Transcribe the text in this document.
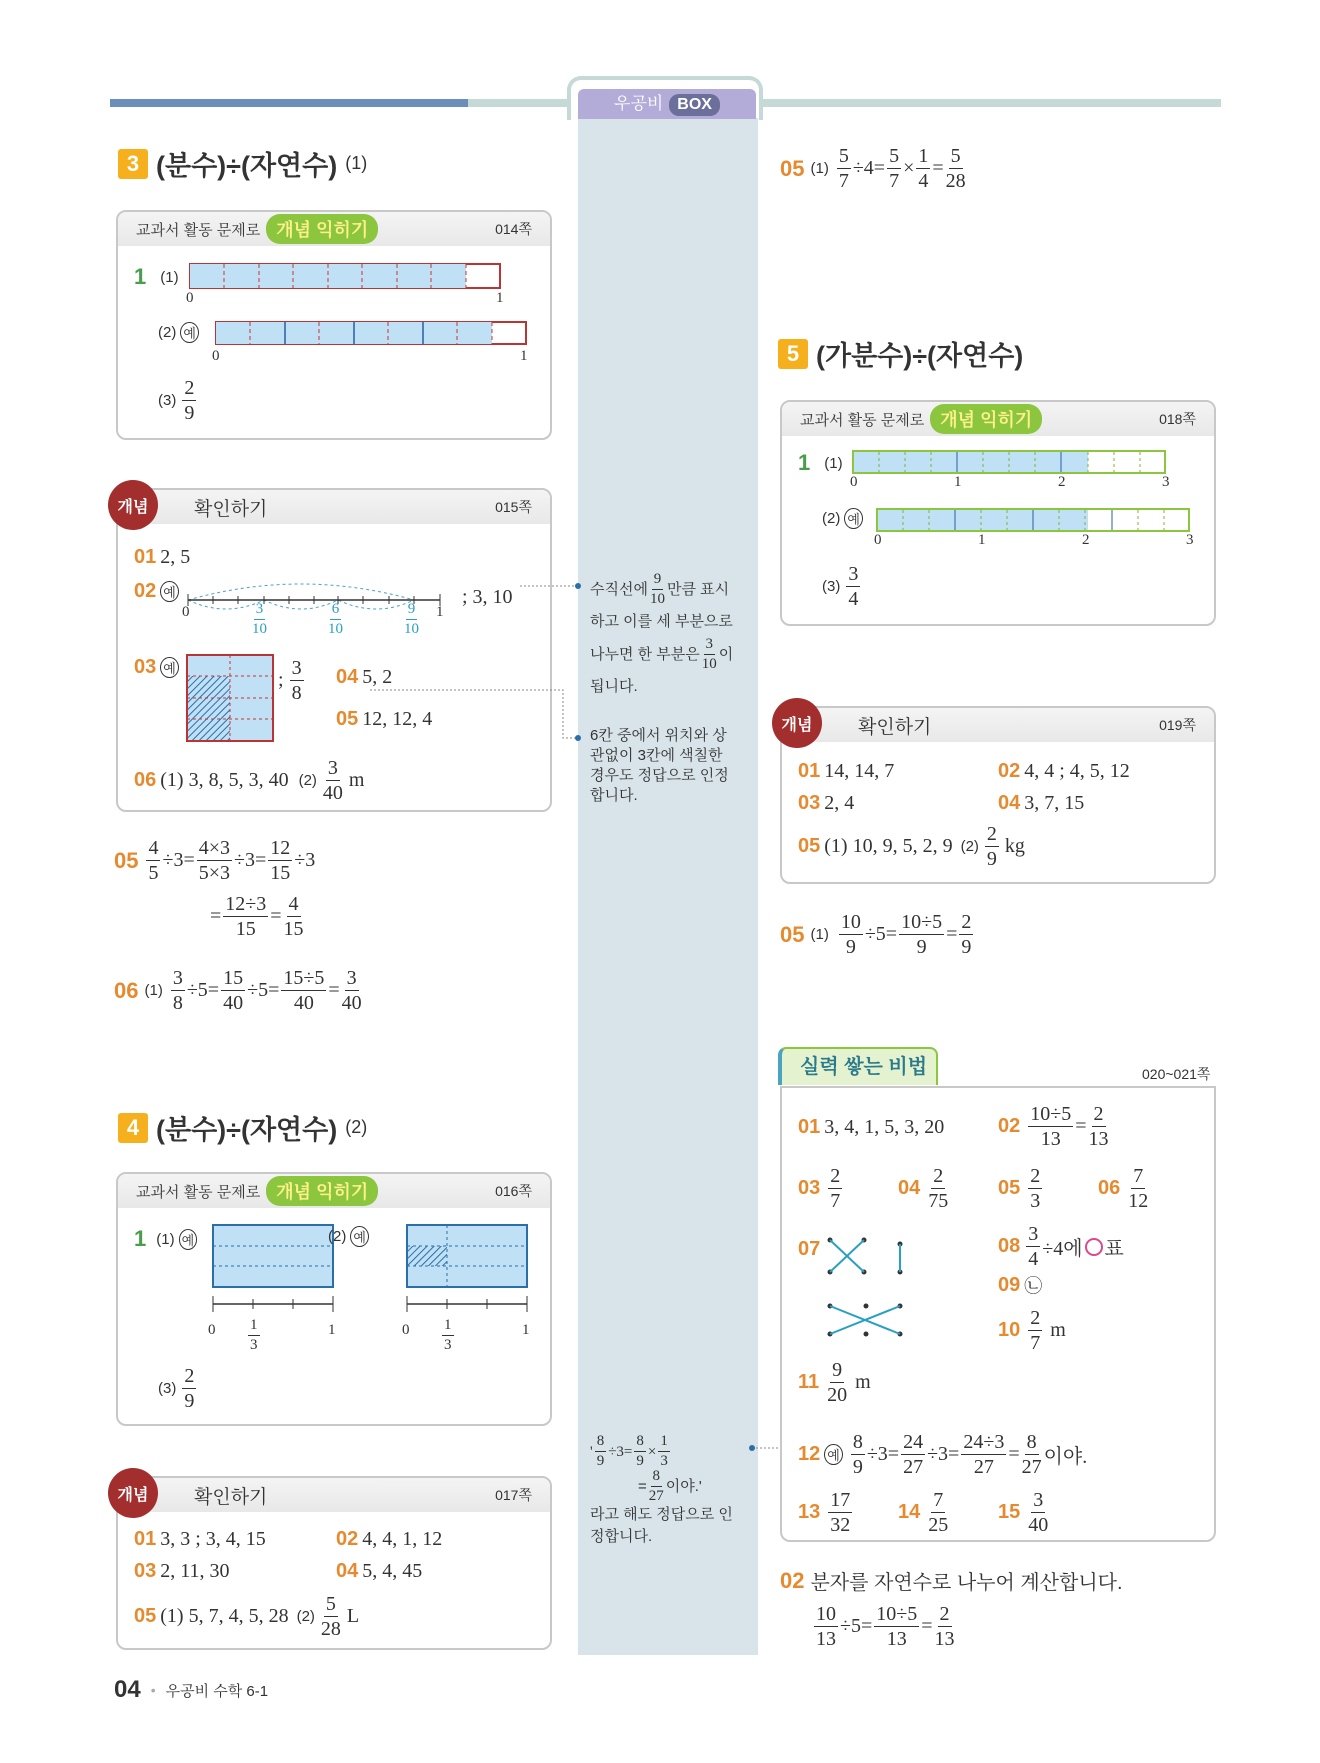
우공비 BOX
3 (분수)÷(자연수) (1)
교과서 활동 문제로 개념 익히기	014쪽
1 (1)
0	1
(2) 예
0	1
$(3) \frac{2}{9}$
확인하기	015쪽
개념
01 2, 5
02 예	; 3, 10
0	1
$\frac{3}{10}$	$\frac{6}{10}$	$\frac{9}{10}$
03 예
; $\frac{3}{8} 04$ 5, 2
05 12, 12, 4
06 (1) 3, 8, 5, 3, 40 $(2) \frac{3}{40}$ m
$05 \frac{4}{5} \div 3= \frac{4\times 3}{5\times 3} \div 3= \frac{12}{15} \div 3$
= $\frac{12\div 3}{15} = \frac{4}{15}$
06 $(1) \frac{3}{8} \div 5= \frac{15}{40} \div 5= \frac{15\div 5}{40} = \frac{3}{40}$
4 (분수)÷(자연수) (2)
교과서 활동 문제로 개념 익히기	016쪽
1 (1) 예	(2) 예
$0 \frac{1}{3}$	1	$0 \frac{1}{3}$	1
$(3) \frac{2}{9}$
확인하기	017쪽
개념
01 3, 3 ; 3, 4, 15	02 4, 4, 1, 12
03 2, 11, 30	04 5, 4, 45
05 (1) 5, 7, 4, 5, 28 $(2) \frac{5}{28}$ L
수직선에 $\frac{9}{10}$ 만큼 표시
하고 이를 세 부분으로
나누면 한 부분은 $\frac{3}{10}$ 이
됩니다.
6칸 중에서 위치와 상
관없이 3칸에 색칠한
경우도 정답으로 인정
합니다.
' $\frac{8}{9} \div 3= \frac{8}{9} \times \frac{1}{3}$
= $\frac{8}{27}$ 이야.'
라고 해도 정답으로 인
정합니다.
05 $(1) \frac{5}{7} \div 4= \frac{5}{7} \times \frac{1}{4} = \frac{5}{28}$
5 (가분수)÷(자연수)
교과서 활동 문제로 개념 익히기	018쪽
1 (1)
0	1	2	3
(2) 예
0	1	2	3
$(3) \frac{3}{4}$
확인하기	019쪽
개념
01 14, 14, 7	02 4, 4 ; 4, 5, 12
03 2, 4	04 3, 7, 15
05 (1) 10, 9, 5, 2, 9 $(2) \frac{2}{9}$ kg
05 $(1) \frac{10}{9} \div 5= \frac{10\div 5}{9} = \frac{2}{9}$
실력 쌓는 비법	020~021쪽
01 3, 4, 1, 5, 3, 20	$02 \frac{10\div 5}{13} = \frac{2}{13}$
$03 \frac{2}{7}$	$04 \frac{2}{75} 05 \frac{2}{3}$	$06 \frac{7}{12}$
07	$08 \frac{3}{4} \div 4$에 표
09 ㉡
$10 \frac{2}{7}$ m
$11 \frac{9}{20}$ m
12 예 $\frac{8}{9} \div 3= \frac{24}{27} \div 3= \frac{24\div 3}{27} = \frac{8}{27}$ 이야.
$13 \frac{17}{32} 14 \frac{7}{25} 15 \frac{3}{40}$
02 분자를 자연수로 나누어 계산합니다.
$\frac{10}{13} \div 5= \frac{10\div 5}{13} = \frac{2}{13}$
04 • 우공비 수학 6-1
